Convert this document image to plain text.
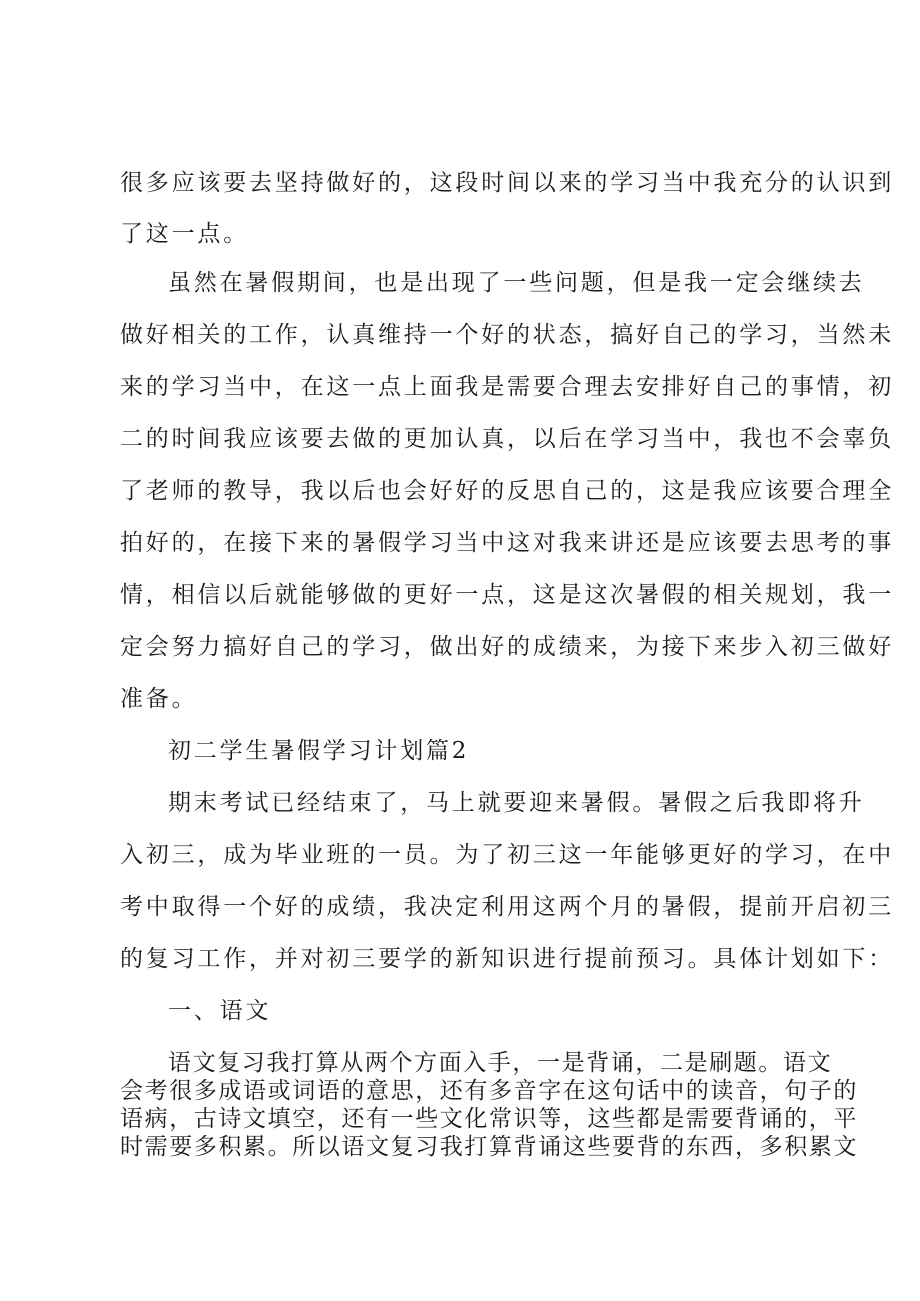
很多应该要去坚持做好的，这段时间以来的学习当中我充分的认识到
了这一点。
虽然在暑假期间，也是出现了一些问题，但是我一定会继续去
做好相关的工作，认真维持一个好的状态，搞好自己的学习，当然未
来的学习当中，在这一点上面我是需要合理去安排好自己的事情，初
二的时间我应该要去做的更加认真，以后在学习当中，我也不会辜负
了老师的教导，我以后也会好好的反思自己的，这是我应该要合理全
拍好的，在接下来的暑假学习当中这对我来讲还是应该要去思考的事
情，相信以后就能够做的更好一点，这是这次暑假的相关规划，我一
定会努力搞好自己的学习，做出好的成绩来，为接下来步入初三做好
准备。
初二学生暑假学习计划篇2
期末考试已经结束了，马上就要迎来暑假。暑假之后我即将升
入初三，成为毕业班的一员。为了初三这一年能够更好的学习，在中
考中取得一个好的成绩，我决定利用这两个月的暑假，提前开启初三
的复习工作，并对初三要学的新知识进行提前预习。具体计划如下：
一、语文
语文复习我打算从两个方面入手，一是背诵，二是刷题。语文
会考很多成语或词语的意思，还有多音字在这句话中的读音，句子的
语病，古诗文填空，还有一些文化常识等，这些都是需要背诵的，平
时需要多积累。所以语文复习我打算背诵这些要背的东西，多积累文
